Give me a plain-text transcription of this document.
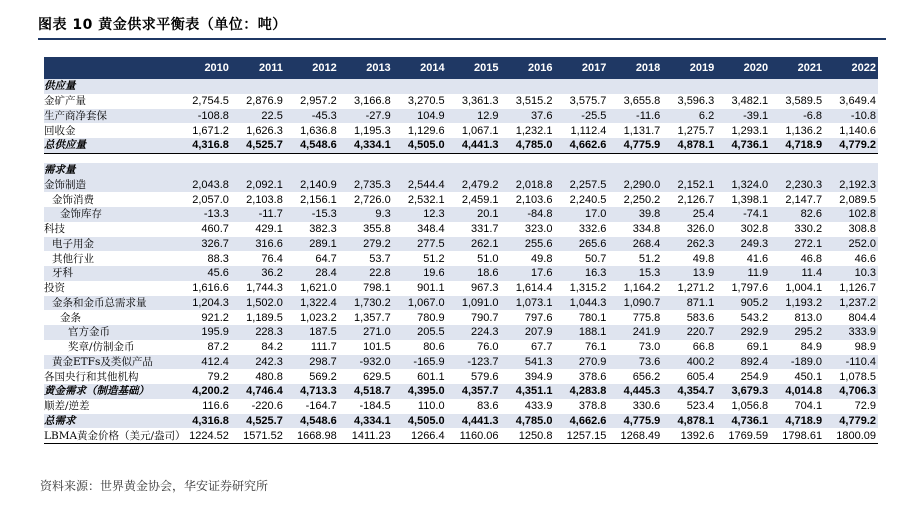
图表 10 黄金供求平衡表（单位：吨）
	2010	2011	2012	2013	2014	2015	2016	2017	2018	2019	2020	2021	2022
供应量													
金矿产量	2,754.5	2,876.9	2,957.2	3,166.8	3,270.5	3,361.3	3,515.2	3,575.7	3,655.8	3,596.3	3,482.1	3,589.5	3,649.4
生产商净套保	-108.8	22.5	-45.3	-27.9	104.9	12.9	37.6	-25.5	-11.6	6.2	-39.1	-6.8	-10.8
回收金	1,671.2	1,626.3	1,636.8	1,195.3	1,129.6	1,067.1	1,232.1	1,112.4	1,131.7	1,275.7	1,293.1	1,136.2	1,140.6
总供应量	4,316.8	4,525.7	4,548.6	4,334.1	4,505.0	4,441.3	4,785.0	4,662.6	4,775.9	4,878.1	4,736.1	4,718.9	4,779.2

需求量													
金饰制造	2,043.8	2,092.1	2,140.9	2,735.3	2,544.4	2,479.2	2,018.8	2,257.5	2,290.0	2,152.1	1,324.0	2,230.3	2,192.3
金饰消费	2,057.0	2,103.8	2,156.1	2,726.0	2,532.1	2,459.1	2,103.6	2,240.5	2,250.2	2,126.7	1,398.1	2,147.7	2,089.5
金饰库存	-13.3	-11.7	-15.3	9.3	12.3	20.1	-84.8	17.0	39.8	25.4	-74.1	82.6	102.8
科技	460.7	429.1	382.3	355.8	348.4	331.7	323.0	332.6	334.8	326.0	302.8	330.2	308.8
电子用金	326.7	316.6	289.1	279.2	277.5	262.1	255.6	265.6	268.4	262.3	249.3	272.1	252.0
其他行业	88.3	76.4	64.7	53.7	51.2	51.0	49.8	50.7	51.2	49.8	41.6	46.8	46.6
牙科	45.6	36.2	28.4	22.8	19.6	18.6	17.6	16.3	15.3	13.9	11.9	11.4	10.3
投资	1,616.6	1,744.3	1,621.0	798.1	901.1	967.3	1,614.4	1,315.2	1,164.2	1,271.2	1,797.6	1,004.1	1,126.7
金条和金币总需求量	1,204.3	1,502.0	1,322.4	1,730.2	1,067.0	1,091.0	1,073.1	1,044.3	1,090.7	871.1	905.2	1,193.2	1,237.2
金条	921.2	1,189.5	1,023.2	1,357.7	780.9	790.7	797.6	780.1	775.8	583.6	543.2	813.0	804.4
官方金币	195.9	228.3	187.5	271.0	205.5	224.3	207.9	188.1	241.9	220.7	292.9	295.2	333.9
奖章/仿制金币	87.2	84.2	111.7	101.5	80.6	76.0	67.7	76.1	73.0	66.8	69.1	84.9	98.9
黄金ETFs及类似产品	412.4	242.3	298.7	-932.0	-165.9	-123.7	541.3	270.9	73.6	400.2	892.4	-189.0	-110.4
各国央行和其他机构	79.2	480.8	569.2	629.5	601.1	579.6	394.9	378.6	656.2	605.4	254.9	450.1	1,078.5
黄金需求（制造基础）	4,200.2	4,746.4	4,713.3	4,518.7	4,395.0	4,357.7	4,351.1	4,283.8	4,445.3	4,354.7	3,679.3	4,014.8	4,706.3
顺差/逆差	116.6	-220.6	-164.7	-184.5	110.0	83.6	433.9	378.8	330.6	523.4	1,056.8	704.1	72.9
总需求	4,316.8	4,525.7	4,548.6	4,334.1	4,505.0	4,441.3	4,785.0	4,662.6	4,775.9	4,878.1	4,736.1	4,718.9	4,779.2
LBMA黄金价格（美元/盎司）	1224.52	1571.52	1668.98	1411.23	1266.4	1160.06	1250.8	1257.15	1268.49	1392.6	1769.59	1798.61	1800.09
资料来源：世界黄金协会，华安证券研究所
